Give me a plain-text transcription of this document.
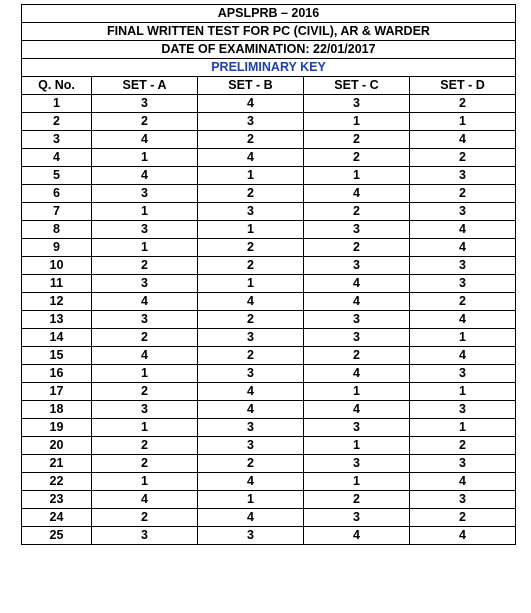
APSLPRB – 2016				
FINAL WRITTEN TEST FOR PC (CIVIL), AR & WARDER				
DATE OF EXAMINATION: 22/01/2017				
PRELIMINARY KEY				
Q. No.	SET - A	SET - B	SET - C	SET - D
1	3	4	3	2
2	2	3	1	1
3	4	2	2	4
4	1	4	2	2
5	4	1	1	3
6	3	2	4	2
7	1	3	2	3
8	3	1	3	4
9	1	2	2	4
10	2	2	3	3
11	3	1	4	3
12	4	4	4	2
13	3	2	3	4
14	2	3	3	1
15	4	2	2	4
16	1	3	4	3
17	2	4	1	1
18	3	4	4	3
19	1	3	3	1
20	2	3	1	2
21	2	2	3	3
22	1	4	1	4
23	4	1	2	3
24	2	4	3	2
25	3	3	4	4
